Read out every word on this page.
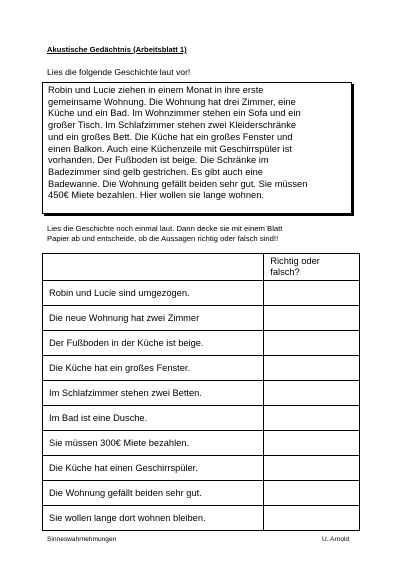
Akustische Gedächtnis (Arbeitsblatt 1)
Lies die folgende Geschichte laut vor!
Robin und Lucie ziehen in einem Monat in ihre erste
gemeinsame Wohnung. Die Wohnung hat drei Zimmer, eine
Küche und ein Bad. Im Wohnzimmer stehen ein Sofa und ein
großer Tisch. Im Schlafzimmer stehen zwei Kleiderschränke
und ein großes Bett. Die Küche hat ein großes Fenster und
einen Balkon. Auch eine Küchenzeile mit Geschirrspüler ist
vorhanden. Der Fußboden ist beige. Die Schränke im
Badezimmer sind gelb gestrichen. Es gibt auch eine
Badewanne. Die Wohnung gefällt beiden sehr gut. Sie müssen
450€ Miete bezahlen. Hier wollen sie lange wohnen.
Lies die Geschichte noch einmal laut. Dann decke sie mit einem Blatt
Papier ab und entscheide, ob die Aussagen richtig oder falsch sind!!

	Richtig oder
falsch?

Robin und Lucie sind umgezogen.	
Die neue Wohnung hat zwei Zimmer	
Der Fußboden in der Küche ist beige.	
Die Küche hat ein großes Fenster.	
Im Schlafzimmer stehen zwei Betten.	
Im Bad ist eine Dusche.	
Sie müssen 300€ Miete bezahlen.	
Die Küche hat einen Geschirrspüler.	
Die Wohnung gefällt beiden sehr gut.	
Sie wollen lange dort wohnen bleiben.	
Sinneswahrnehmungen	U. Arnold
